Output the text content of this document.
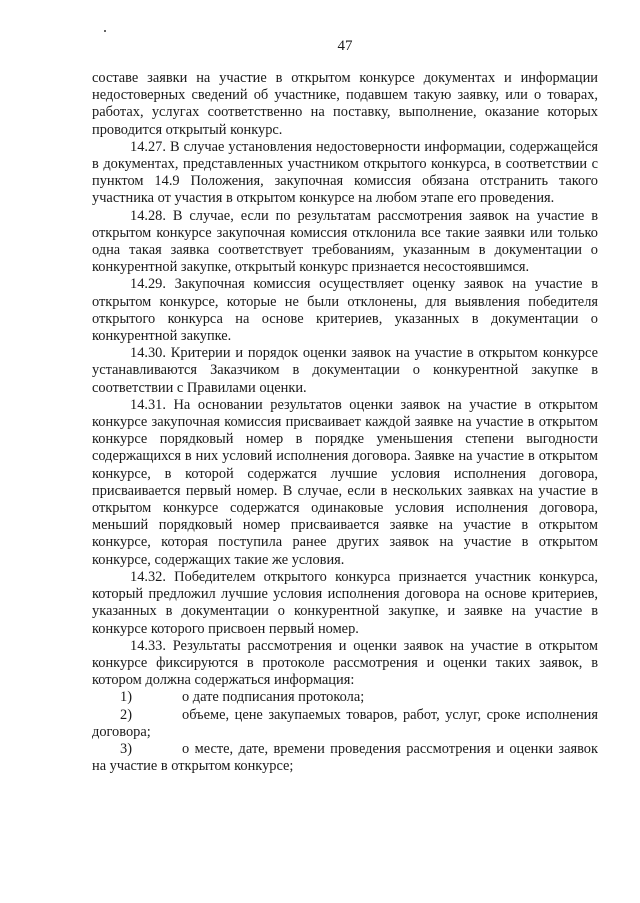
47

составе заявки на участие в открытом конкурсе документах и информации недостоверных сведений об участнике, подавшем такую заявку, или о товарах, работах, услугах соответственно на поставку, выполнение, оказание которых проводится открытый конкурс.

14.27. В случае установления недостоверности информации, содержащейся в документах, представленных участником открытого конкурса, в соответствии с пунктом 14.9 Положения, закупочная комиссия обязана отстранить такого участника от участия в открытом конкурсе на любом этапе его проведения.

14.28. В случае, если по результатам рассмотрения заявок на участие в открытом конкурсе закупочная комиссия отклонила все такие заявки или только одна такая заявка соответствует требованиям, указанным в документации о конкурентной закупке, открытый конкурс признается несостоявшимся.

14.29. Закупочная комиссия осуществляет оценку заявок на участие в открытом конкурсе, которые не были отклонены, для выявления победителя открытого конкурса на основе критериев, указанных в документации о конкурентной закупке.

14.30. Критерии и порядок оценки заявок на участие в открытом конкурсе устанавливаются Заказчиком в документации о конкурентной закупке в соответствии с Правилами оценки.

14.31. На основании результатов оценки заявок на участие в открытом конкурсе закупочная комиссия присваивает каждой заявке на участие в открытом конкурсе порядковый номер в порядке уменьшения степени выгодности содержащихся в них условий исполнения договора. Заявке на участие в открытом конкурсе, в которой содержатся лучшие условия исполнения договора, присваивается первый номер. В случае, если в нескольких заявках на участие в открытом конкурсе содержатся одинаковые условия исполнения договора, меньший порядковый номер присваивается заявке на участие в открытом конкурсе, которая поступила ранее других заявок на участие в открытом конкурсе, содержащих такие же условия.

14.32. Победителем открытого конкурса признается участник конкурса, который предложил лучшие условия исполнения договора на основе критериев, указанных в документации о конкурентной закупке, и заявке на участие в конкурсе которого присвоен первый номер.

14.33. Результаты рассмотрения и оценки заявок на участие в открытом конкурсе фиксируются в протоколе рассмотрения и оценки таких заявок, в котором должна содержаться информация:

1)	о дате подписания протокола;

2)	объеме, цене закупаемых товаров, работ, услуг, сроке исполнения договора;

3)	о месте, дате, времени проведения рассмотрения и оценки заявок на участие в открытом конкурсе;
